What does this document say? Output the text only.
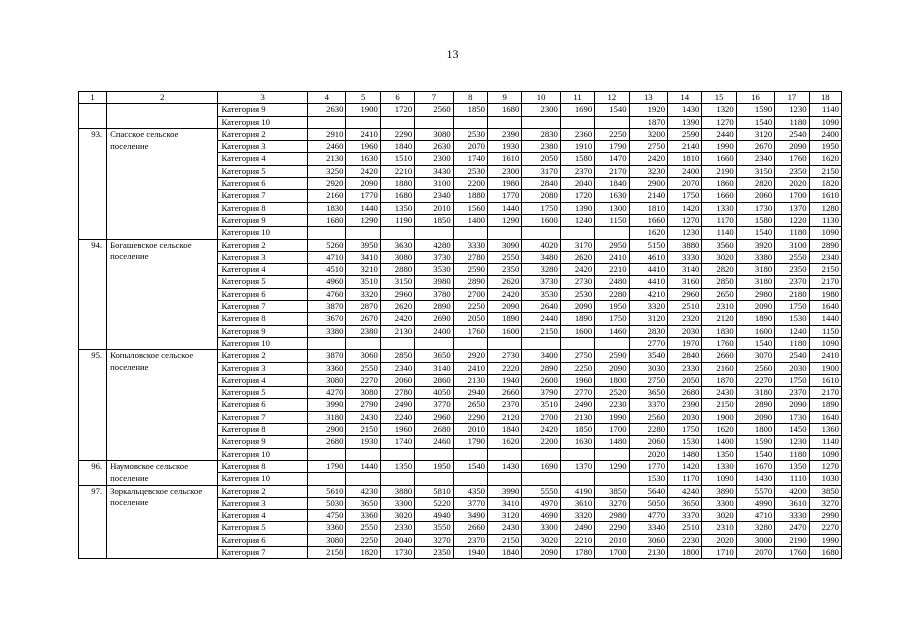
13
1	2	3	4	5	6	7	8	9	10	11	12	13	14	15	16	17	18
		Категория 9	2630	1900	1720	2560	1850	1680	2300	1690	1540	1920	1430	1320	1590	1230	1140
		Категория 10										1870	1390	1270	1540	1180	1090
93.	Спасское сельское поселение	Категория 2	2910	2410	2290	3080	2530	2390	2830	2360	2250	3200	2590	2440	3120	2540	2400
		Категория 3	2460	1960	1840	2630	2070	1930	2380	1910	1790	2750	2140	1990	2670	2090	1950
		Категория 4	2130	1630	1510	2300	1740	1610	2050	1580	1470	2420	1810	1660	2340	1760	1620
		Категория 5	3250	2420	2210	3430	2530	2300	3170	2370	2170	3230	2400	2190	3150	2350	2150
		Категория 6	2920	2090	1880	3100	2200	1980	2840	2040	1840	2900	2070	1860	2820	2020	1820
		Категория 7	2160	1770	1680	2340	1880	1770	2080	1720	1630	2140	1750	1660	2060	1700	1610
		Категория 8	1830	1440	1350	2010	1560	1440	1750	1390	1300	1810	1420	1330	1730	1370	1280
		Категория 9	1680	1290	1190	1850	1400	1290	1600	1240	1150	1660	1270	1170	1580	1220	1130
		Категория 10										1620	1230	1140	1540	1180	1090
94.	Богашевское сельское поселение	Категория 2	5260	3950	3630	4280	3330	3090	4020	3170	2950	5150	3880	3560	3920	3100	2890
		Категория 3	4710	3410	3080	3730	2780	2550	3480	2620	2410	4610	3330	3020	3380	2550	2340
		Категория 4	4510	3210	2880	3530	2590	2350	3280	2420	2210	4410	3140	2820	3180	2350	2150
		Категория 5	4960	3510	3150	3980	2890	2620	3730	2730	2480	4410	3160	2850	3180	2370	2170
		Категория 6	4760	3320	2960	3780	2700	2420	3530	2530	2280	4210	2960	2650	2980	2180	1980
		Категория 7	3870	2870	2620	2890	2250	2090	2640	2090	1950	3320	2510	2310	2090	1750	1640
		Категория 8	3670	2670	2420	2690	2050	1890	2440	1890	1750	3120	2320	2120	1890	1530	1440
		Категория 9	3380	2380	2130	2400	1760	1600	2150	1600	1460	2830	2030	1830	1600	1240	1150
		Категория 10										2770	1970	1760	1540	1180	1090
95.	Копыловское сельское поселение	Категория 2	3870	3060	2850	3650	2920	2730	3400	2750	2590	3540	2840	2660	3070	2540	2410
		Категория 3	3360	2550	2340	3140	2410	2220	2890	2250	2090	3030	2330	2160	2560	2030	1900
		Категория 4	3080	2270	2060	2860	2130	1940	2600	1960	1800	2750	2050	1870	2270	1750	1610
		Категория 5	4270	3080	2780	4050	2940	2660	3790	2770	2520	3650	2680	2430	3180	2370	2170
		Категория 6	3990	2790	2490	3770	2650	2370	3510	2490	2230	3370	2390	2150	2890	2090	1890
		Категория 7	3180	2430	2240	2960	2290	2120	2700	2130	1990	2560	2030	1900	2090	1730	1640
		Категория 8	2900	2150	1960	2680	2010	1840	2420	1850	1700	2280	1750	1620	1800	1450	1360
		Категория 9	2680	1930	1740	2460	1790	1620	2200	1630	1480	2060	1530	1400	1590	1230	1140
		Категория 10										2020	1480	1350	1540	1180	1090
96.	Наумовское сельское поселение	Категория 8	1790	1440	1350	1950	1540	1430	1690	1370	1290	1770	1420	1330	1670	1350	1270
		Категория 10										1530	1170	1090	1430	1110	1030
97.	Зоркальцевское сельское поселение	Категория 2	5610	4230	3880	5810	4350	3990	5550	4190	3850	5640	4240	3890	5570	4200	3850
		Категория 3	5030	3650	3300	5220	3770	3410	4970	3610	3270	5050	3650	3300	4990	3610	3270
		Категория 4	4750	3360	3020	4940	3490	3120	4690	3320	2980	4770	3370	3020	4710	3330	2990
		Категория 5	3360	2550	2330	3550	2660	2430	3300	2490	2290	3340	2510	2310	3280	2470	2270
		Категория 6	3080	2250	2040	3270	2370	2150	3020	2210	2010	3060	2230	2020	3000	2190	1990
		Категория 7	2150	1820	1730	2350	1940	1840	2090	1780	1700	2130	1800	1710	2070	1760	1680
